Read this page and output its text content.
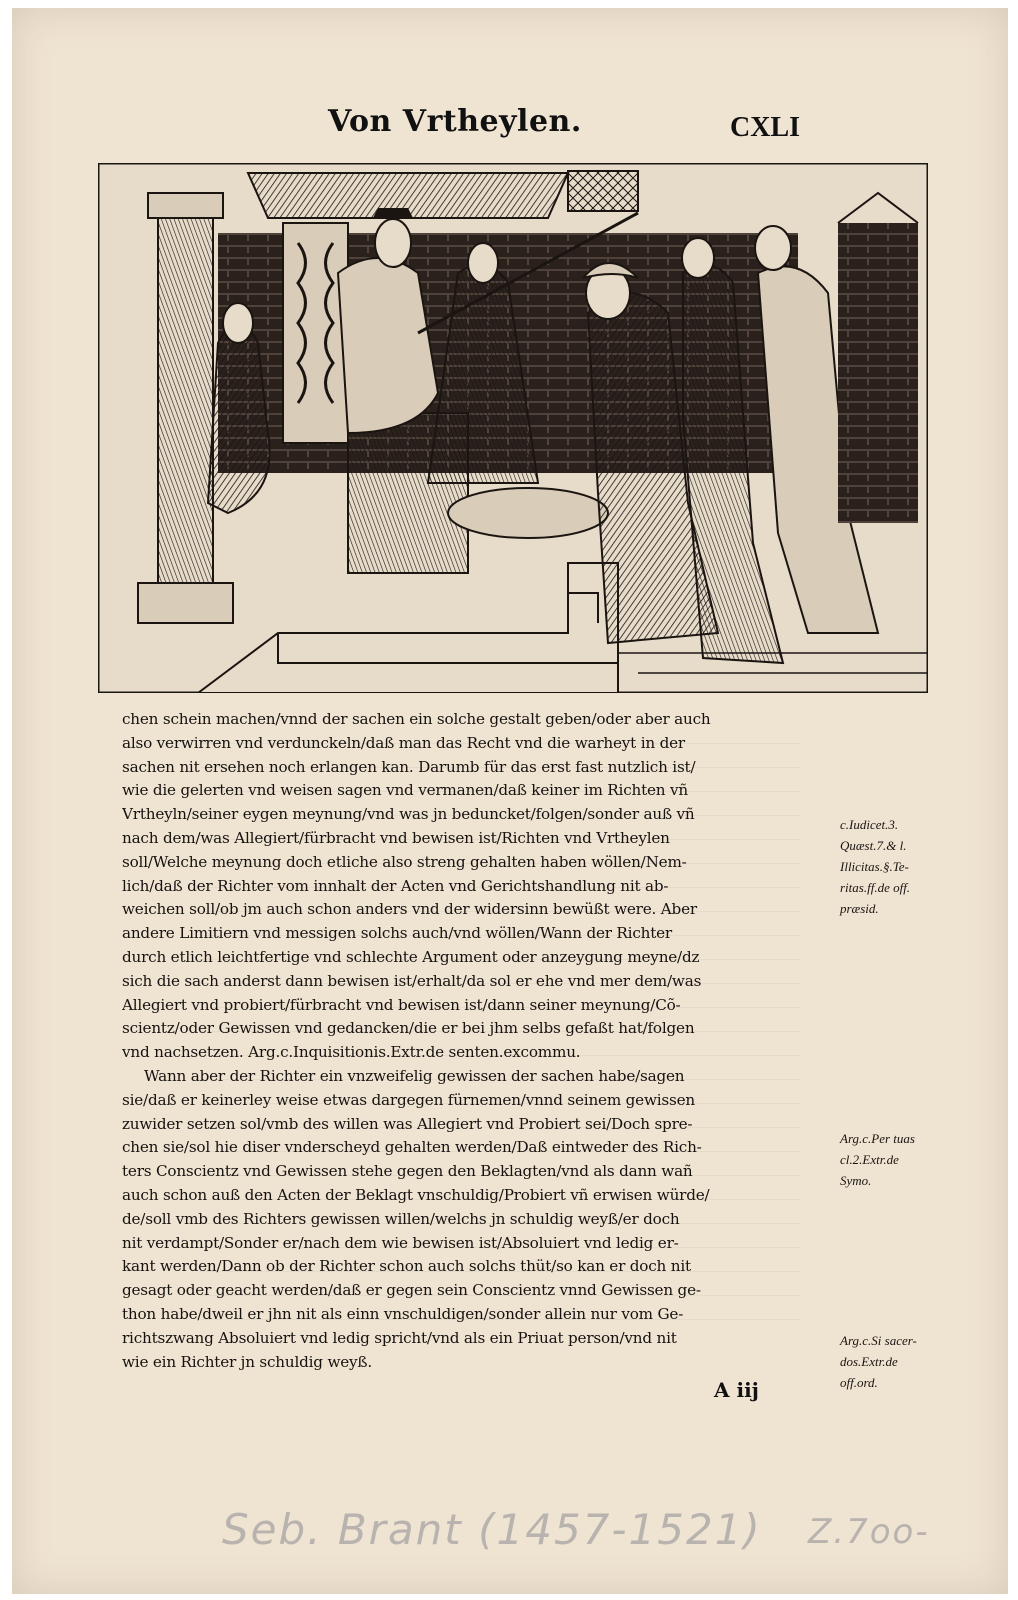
Von Vrtheylen.	CXLI
chen schein machen/vnnd der sachen ein solche gestalt geben/oder aber auch
also verwirren vnd verdunckeln/daß man das Recht vnd die warheyt in der
sachen nit ersehen noch erlangen kan. Darumb für das erst fast nutzlich ist/
wie die gelerten vnd weisen sagen vnd vermanen/daß keiner im Richten vñ
Vrtheyln/seiner eygen meynung/vnd was jn beduncket/folgen/sonder auß vñ
nach dem/was Allegiert/fürbracht vnd bewisen ist/Richten vnd Vrtheylen
soll/Welche meynung doch etliche also streng gehalten haben wöllen/Nem-
lich/daß der Richter vom innhalt der Acten vnd Gerichtshandlung nit ab-
weichen soll/ob jm auch schon anders vnd der widersinn bewüßt were. Aber
andere Limitiern vnd messigen solchs auch/vnd wöllen/Wann der Richter
durch etlich leichtfertige vnd schlechte Argument oder anzeygung meyne/dz
sich die sach anderst dann bewisen ist/erhalt/da sol er ehe vnd mer dem/was
Allegiert vnd probiert/fürbracht vnd bewisen ist/dann seiner meynung/Cõ-
scientz/oder Gewissen vnd gedancken/die er bei jhm selbs gefaßt hat/folgen
vnd nachsetzen. Arg.c.Inquisitionis.Extr.de senten.excommu.
Wann aber der Richter ein vnzweifelig gewissen der sachen habe/sagen
sie/daß er keinerley weise etwas dargegen fürnemen/vnnd seinem gewissen
zuwider setzen sol/vmb des willen was Allegiert vnd Probiert sei/Doch spre-
chen sie/sol hie diser vnderscheyd gehalten werden/Daß eintweder des Rich-
ters Conscientz vnd Gewissen stehe gegen den Beklagten/vnd als dann wañ
auch schon auß den Acten der Beklagt vnschuldig/Probiert vñ erwisen würde/
de/soll vmb des Richters gewissen willen/welchs jn schuldig weyß/er doch
nit verdampt/Sonder er/nach dem wie bewisen ist/Absoluiert vnd ledig er-
kant werden/Dann ob der Richter schon auch solchs thüt/so kan er doch nit
gesagt oder geacht werden/daß er gegen sein Conscientz vnnd Gewissen ge-
thon habe/dweil er jhn nit als einn vnschuldigen/sonder allein nur vom Ge-
richtszwang Absoluiert vnd ledig spricht/vnd als ein Priuat person/vnd nit
wie ein Richter jn schuldig weyß.
c.Iudicet.3.
Quæst.7.& l.
Illicitas.§.Te-
ritas.ff.de off.
præsid.
Arg.c.Per tuas
cl.2.Extr.de
Symo.
Arg.c.Si sacer-
dos.Extr.de
off.ord.
A iij
Seb. Brant (1457-1521) Z.7oo-
